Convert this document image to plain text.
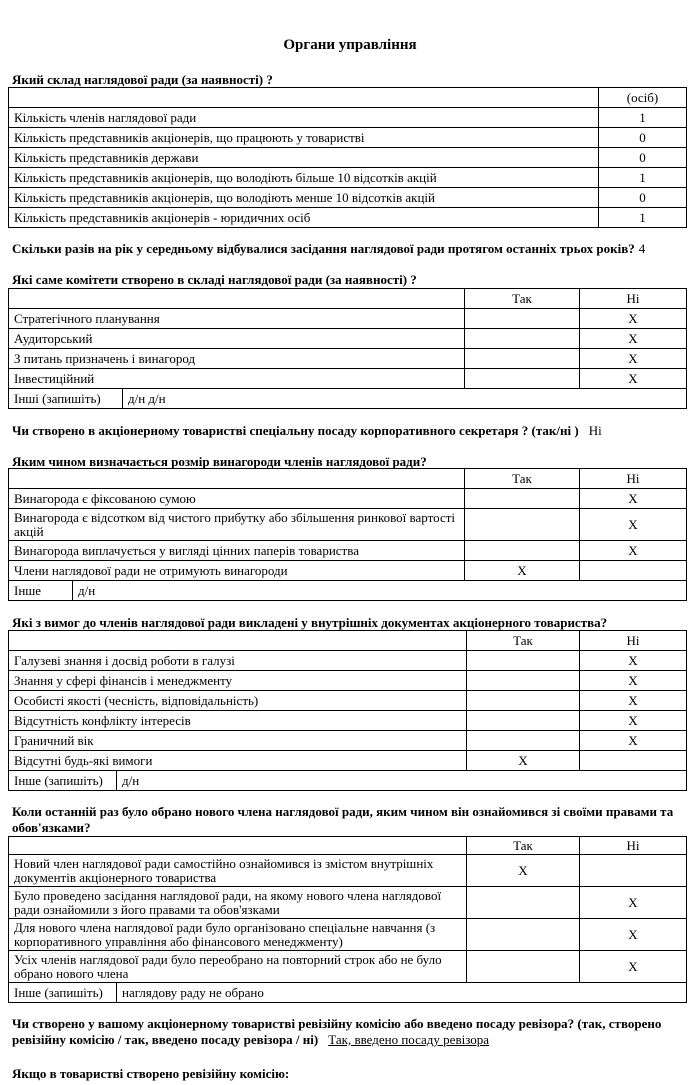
Органи управління
Який склад наглядової ради (за наявності) ?
	(осіб)
Кількість членів наглядової ради	1
Кількість представників акціонерів, що працюють у товаристві	0
Кількість представників держави	0
Кількість представників акціонерів, що володіють більше 10 відсотків акцій	1
Кількість представників акціонерів, що володіють менше 10 відсотків акцій	0
Кількість представників акціонерів - юридичних осіб	1
Скільки разів на рік у середньому відбувалися засідання наглядової ради протягом останніх трьох років? 4
Які саме комітети створено в складі наглядової ради (за наявності) ?
		Так	Ні
Стратегічного планування			X
Аудиторський			X
З питань призначень і винагород			X
Інвестиційний			X
Інші (запишіть)	д/н д/н		
Чи створено в акціонерному товаристві спеціальну посаду корпоративного секретаря ? (так/ні ) Ні
Яким чином визначається розмір винагороди членів наглядової ради?
		Так	Ні
Винагорода є фіксованою сумою			X
Винагорода є відсотком від чистого прибутку або збільшення ринкової вартості акцій			X
Винагорода виплачується у вигляді цінних паперів товариства			X
Члени наглядової ради не отримують винагороди		X	
Інше	д/н		
Які з вимог до членів наглядової ради викладені у внутрішніх документах акціонерного товариства?
		Так	Ні
Галузеві знання і досвід роботи в галузі			X
Знання у сфері фінансів і менеджменту			X
Особисті якості (чесність, відповідальність)			X
Відсутність конфлікту інтересів			X
Граничний вік			X
Відсутні будь-які вимоги		X	
Інше (запишіть)	д/н		
Коли останній раз було обрано нового члена наглядової ради, яким чином він ознайомився зі своїми правами та обов'язками?
		Так	Ні
Новий член наглядової ради самостійно ознайомився із змістом внутрішніх документів акціонерного товариства		X	
Було проведено засідання наглядової ради, на якому нового члена наглядової ради ознайомили з його правами та обов'язками			X
Для нового члена наглядової ради було організовано спеціальне навчання (з корпоративного управління або фінансового менеджменту)			X
Усіх членів наглядової ради було переобрано на повторний строк або не було обрано нового члена			X
Інше (запишіть)	наглядову раду не обрано		
Чи створено у вашому акціонерному товаристві ревізійну комісію або введено посаду ревізора? (так, створено ревізійну комісію / так, введено посаду ревізора / ні) Так, введено посаду ревізора
Якщо в товаристві створено ревізійну комісію:
